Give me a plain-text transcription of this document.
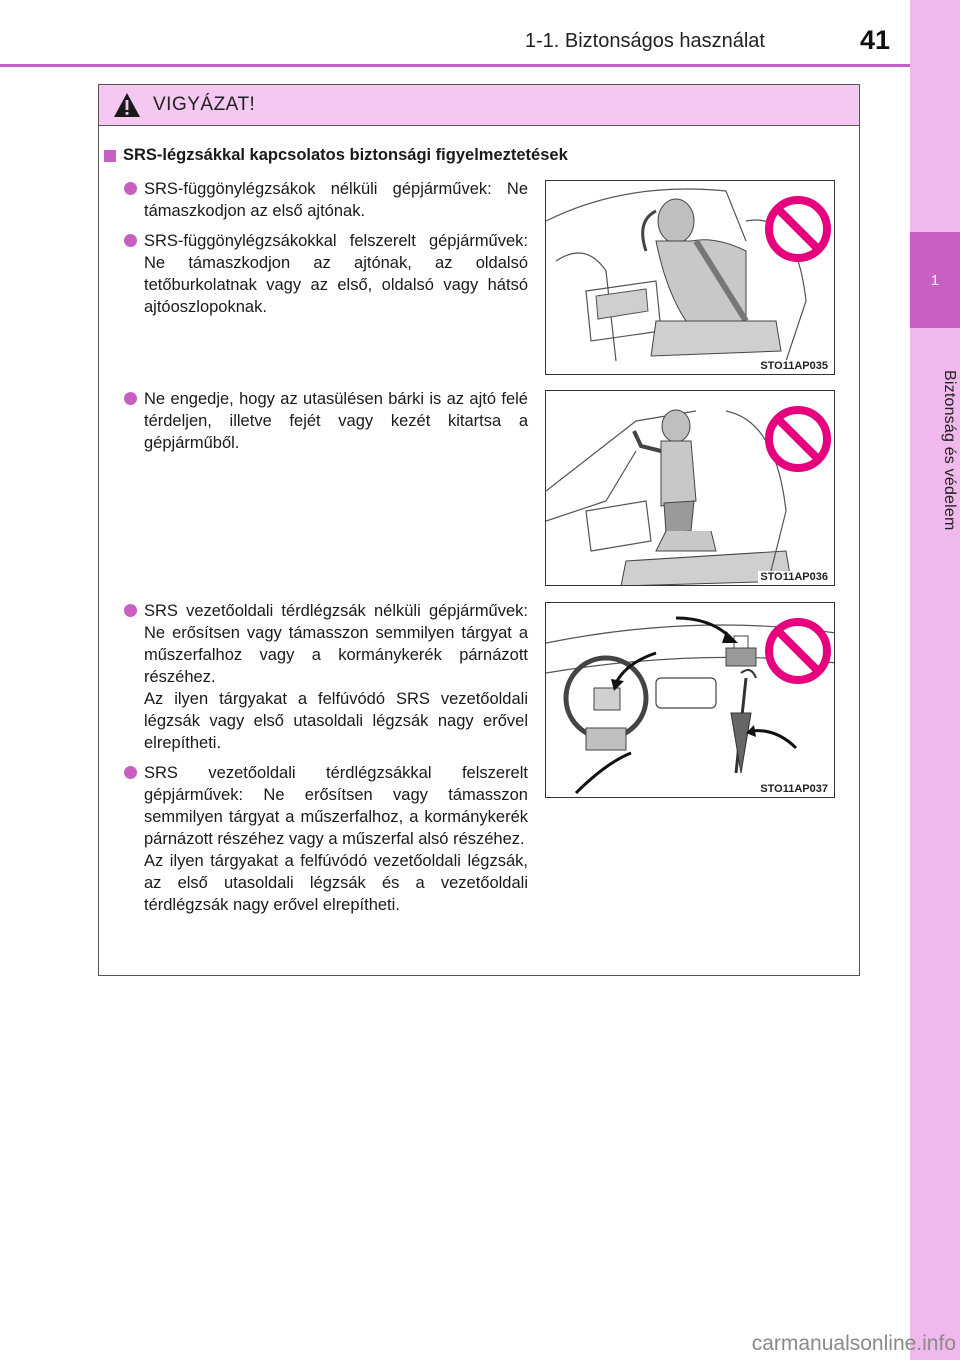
1
Biztonság és védelem
1-1. Biztonságos használat	41
VIGYÁZAT!
SRS-légzsákkal kapcsolatos biztonsági figyelmeztetések
SRS-függönylégzsákok nélküli gépjárművek: Ne támaszkodjon az első ajtónak.
SRS-függönylégzsákokkal felszerelt gépjárművek: Ne támaszkodjon az ajtónak, az oldalsó tetőburkolatnak vagy az első, oldalsó vagy hátsó ajtóoszlopoknak.
STO11AP035
Ne engedje, hogy az utasülésen bárki is az ajtó felé térdeljen, illetve fejét vagy kezét kitartsa a gépjárműből.
STO11AP036
SRS vezetőoldali térdlégzsák nélküli gépjárművek: Ne erősítsen vagy támasszon semmilyen tárgyat a műszerfalhoz vagy a kormánykerék párnázott részéhez.
Az ilyen tárgyakat a felfúvódó SRS vezetőoldali légzsák vagy első utasoldali légzsák nagy erővel elrepítheti.
SRS vezetőoldali térdlégzsákkal felszerelt gépjárművek: Ne erősítsen vagy támasszon semmilyen tárgyat a műszerfalhoz, a kormánykerék párnázott részéhez vagy a műszerfal alsó részéhez.
Az ilyen tárgyakat a felfúvódó vezetőoldali légzsák, az első utasoldali légzsák és a vezetőoldali térdlégzsák nagy erővel elrepítheti.
STO11AP037
carmanualsonline.info
